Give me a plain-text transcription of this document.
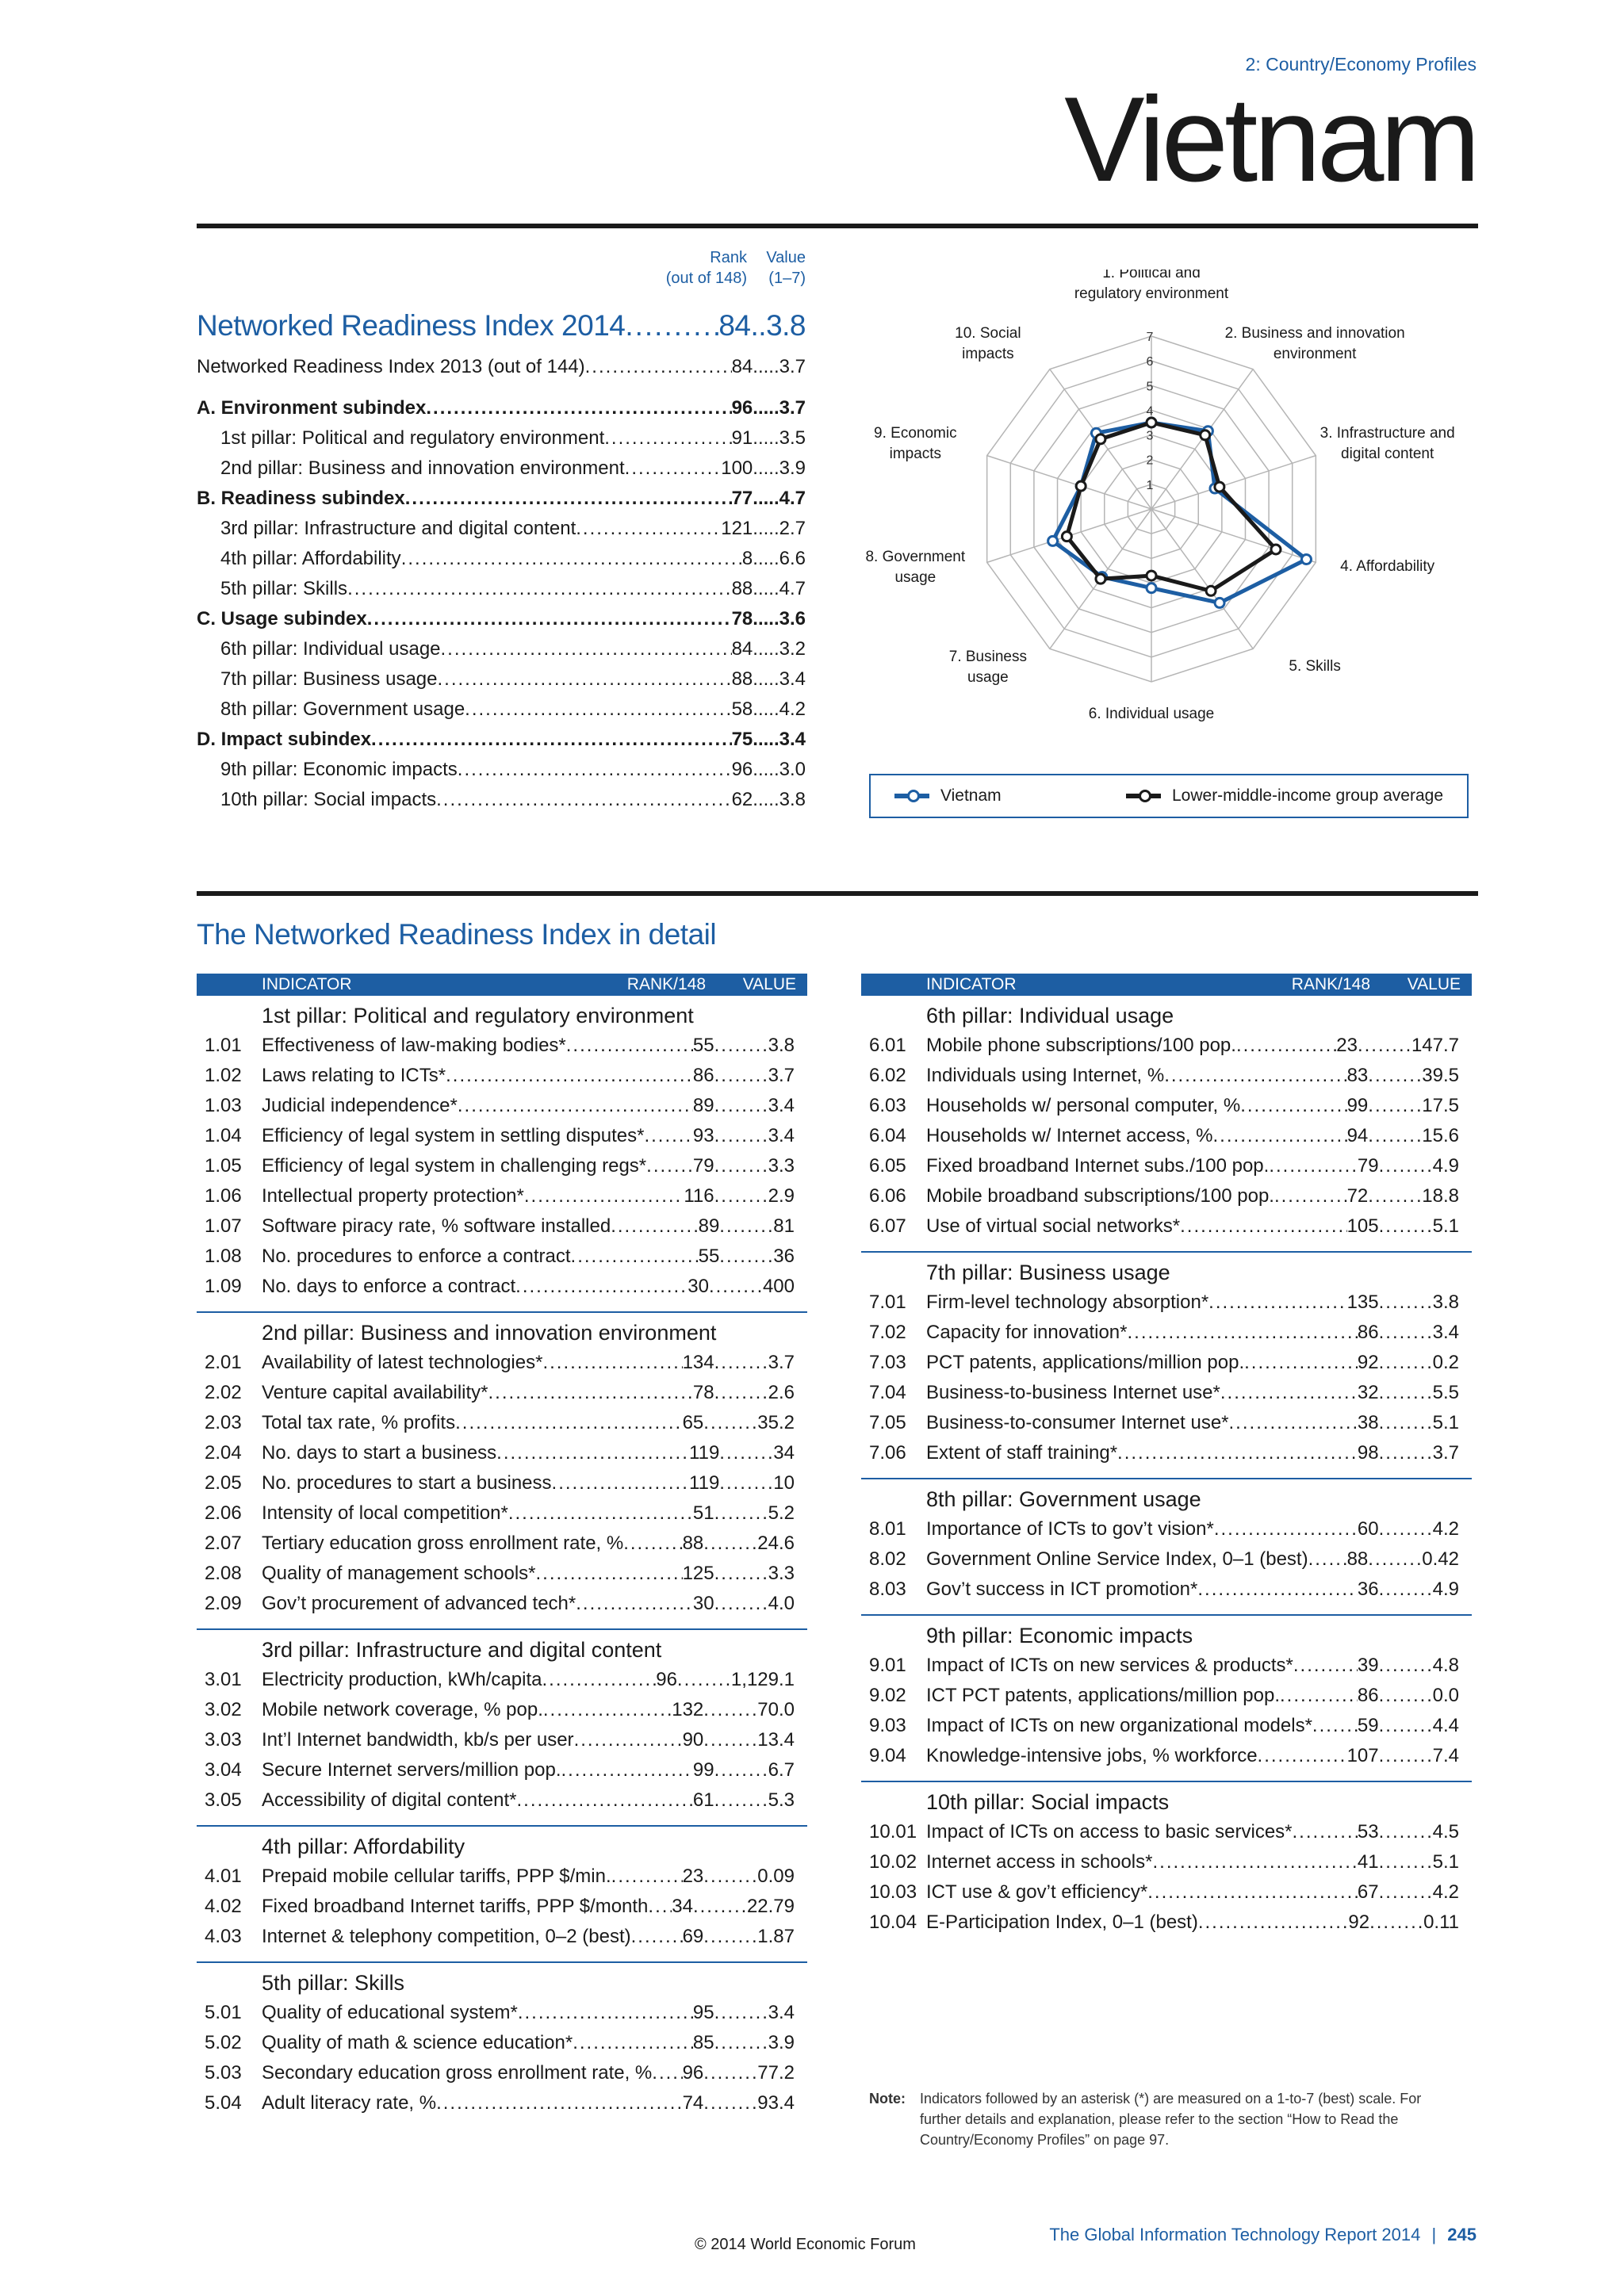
2: Country/Economy Profiles
Vietnam
Rank
(out of 148)
Value
(1–7)
Networked Readiness Index 2014 .....	84 .. 3.8
Networked Readiness Index 2013 (out of 144) .....	84 ..... 3.7
A. Environment subindex .....	96 ..... 3.7
1st pillar: Political and regulatory environment .....	91 ..... 3.5
2nd pillar: Business and innovation environment .....	100 ..... 3.9
B. Readiness subindex .....	77 ..... 4.7
3rd pillar: Infrastructure and digital content .....	121 ..... 2.7
4th pillar: Affordability .....	8 ..... 6.6
5th pillar: Skills .....	88 ..... 4.7
C. Usage subindex .....	78 ..... 3.6
6th pillar: Individual usage .....	84 ..... 3.2
7th pillar: Business usage .....	88 ..... 3.4
8th pillar: Government usage .....	58 ..... 4.2
D. Impact subindex .....	75 ..... 3.4
9th pillar: Economic impacts .....	96 ..... 3.0
10th pillar: Social impacts .....	62 ..... 3.8
1
2
3
4
5
6
7
1. Political and regulatory environment
2. Business and innovation environment
3. Infrastructure and digital content
4. Affordability
5. Skills
6. Individual usage
7. Business usage
8. Government usage
9. Economic impacts
10. Social impacts
Vietnam	Lower-middle-income group average
The Networked Readiness Index in detail
INDICATOR	RANK/148 VALUE
1st pillar: Political and regulatory environment
1.01	Effectiveness of law-making bodies* .....	55 .....	3.8
1.02	Laws relating to ICTs* .....	86 .....	3.7
1.03	Judicial independence* .....	89 .....	3.4
1.04	Efficiency of legal system in settling disputes* .....	93 .....	3.4
1.05	Efficiency of legal system in challenging regs* ..... 79 .....	3.3
1.06	Intellectual property protection* .....	116 .....	2.9
1.07	Software piracy rate, % software installed .....	89 .....	81
1.08	No. procedures to enforce a contract .....	55 .....	36
1.09	No. days to enforce a contract .....	30 .....	400
2nd pillar: Business and innovation environment
2.01	Availability of latest technologies* .....	134 .....	3.7
2.02	Venture capital availability* .....	78 .....	2.6
2.03	Total tax rate, % profits .....	65 .....	35.2
2.04	No. days to start a business .....	119 .....	34
2.05	No. procedures to start a business .....	119 .....	10
2.06	Intensity of local competition* .....	51 .....	5.2
2.07	Tertiary education gross enrollment rate, % .....	88 .....	24.6
2.08	Quality of management schools* .....	125 .....	3.3
2.09	Gov’t procurement of advanced tech* .....	30 .....	4.0
3rd pillar: Infrastructure and digital content
3.01	Electricity production, kWh/capita .....	96 .....	1,129.1
3.02	Mobile network coverage, % pop. .....	132 .....	70.0
3.03	Int’l Internet bandwidth, kb/s per user .....	90 .....	13.4
3.04	Secure Internet servers/million pop. .....	99 .....	6.7
3.05	Accessibility of digital content* .....	61 .....	5.3
4th pillar: Affordability
4.01	Prepaid mobile cellular tariffs, PPP $/min. .....	23 .....	0.09
4.02	Fixed broadband Internet tariffs, PPP $/month ..... 34 .....	22.79
4.03	Internet & telephony competition, 0–2 (best) .....	69 .....	1.87
5th pillar: Skills
5.01	Quality of educational system* .....	95 .....	3.4
5.02	Quality of math & science education* .....	85 .....	3.9
5.03	Secondary education gross enrollment rate, % ..... 96 .....	77.2
5.04	Adult literacy rate, % .....	74 .....	93.4
INDICATOR	RANK/148 VALUE
6th pillar: Individual usage
6.01	Mobile phone subscriptions/100 pop. .....	23 .....	147.7
6.02	Individuals using Internet, % .....	83 .....	39.5
6.03	Households w/ personal computer, % .....	99 .....	17.5
6.04	Households w/ Internet access, % .....	94 .....	15.6
6.05	Fixed broadband Internet subs./100 pop. .....	79 .....	4.9
6.06	Mobile broadband subscriptions/100 pop. .....	72 .....	18.8
6.07	Use of virtual social networks* .....	105 .....	5.1
7th pillar: Business usage
7.01	Firm-level technology absorption* .....	135 .....	3.8
7.02	Capacity for innovation* .....	86 .....	3.4
7.03	PCT patents, applications/million pop. .....	92 .....	0.2
7.04	Business-to-business Internet use* .....	32 .....	5.5
7.05	Business-to-consumer Internet use* .....	38 .....	5.1
7.06	Extent of staff training* .....	98 .....	3.7
8th pillar: Government usage
8.01	Importance of ICTs to gov’t vision* .....	60 .....	4.2
8.02	Government Online Service Index, 0–1 (best) ..... 88 .....	0.42
8.03	Gov’t success in ICT promotion* .....	36 .....	4.9
9th pillar: Economic impacts
9.01	Impact of ICTs on new services & products* .....	39 .....	4.8
9.02	ICT PCT patents, applications/million pop. .....	86 .....	0.0
9.03	Impact of ICTs on new organizational models* ..... 59 .....	4.4
9.04	Knowledge-intensive jobs, % workforce .....	107 .....	7.4
10th pillar: Social impacts
10.01 Impact of ICTs on access to basic services* .....	53 .....	4.5
10.02 Internet access in schools* .....	41 .....	5.1
10.03 ICT use & gov’t efficiency* .....	67 .....	4.2
10.04 E-Participation Index, 0–1 (best) .....	92 .....	0.11
Note: Indicators followed by an asterisk (*) are measured on a 1-to-7 (best) scale. For further details and explanation, please refer to the section “How to Read the Country/Economy Profiles” on page 97.
The Global Information Technology Report 2014 | 245
© 2014 World Economic Forum
